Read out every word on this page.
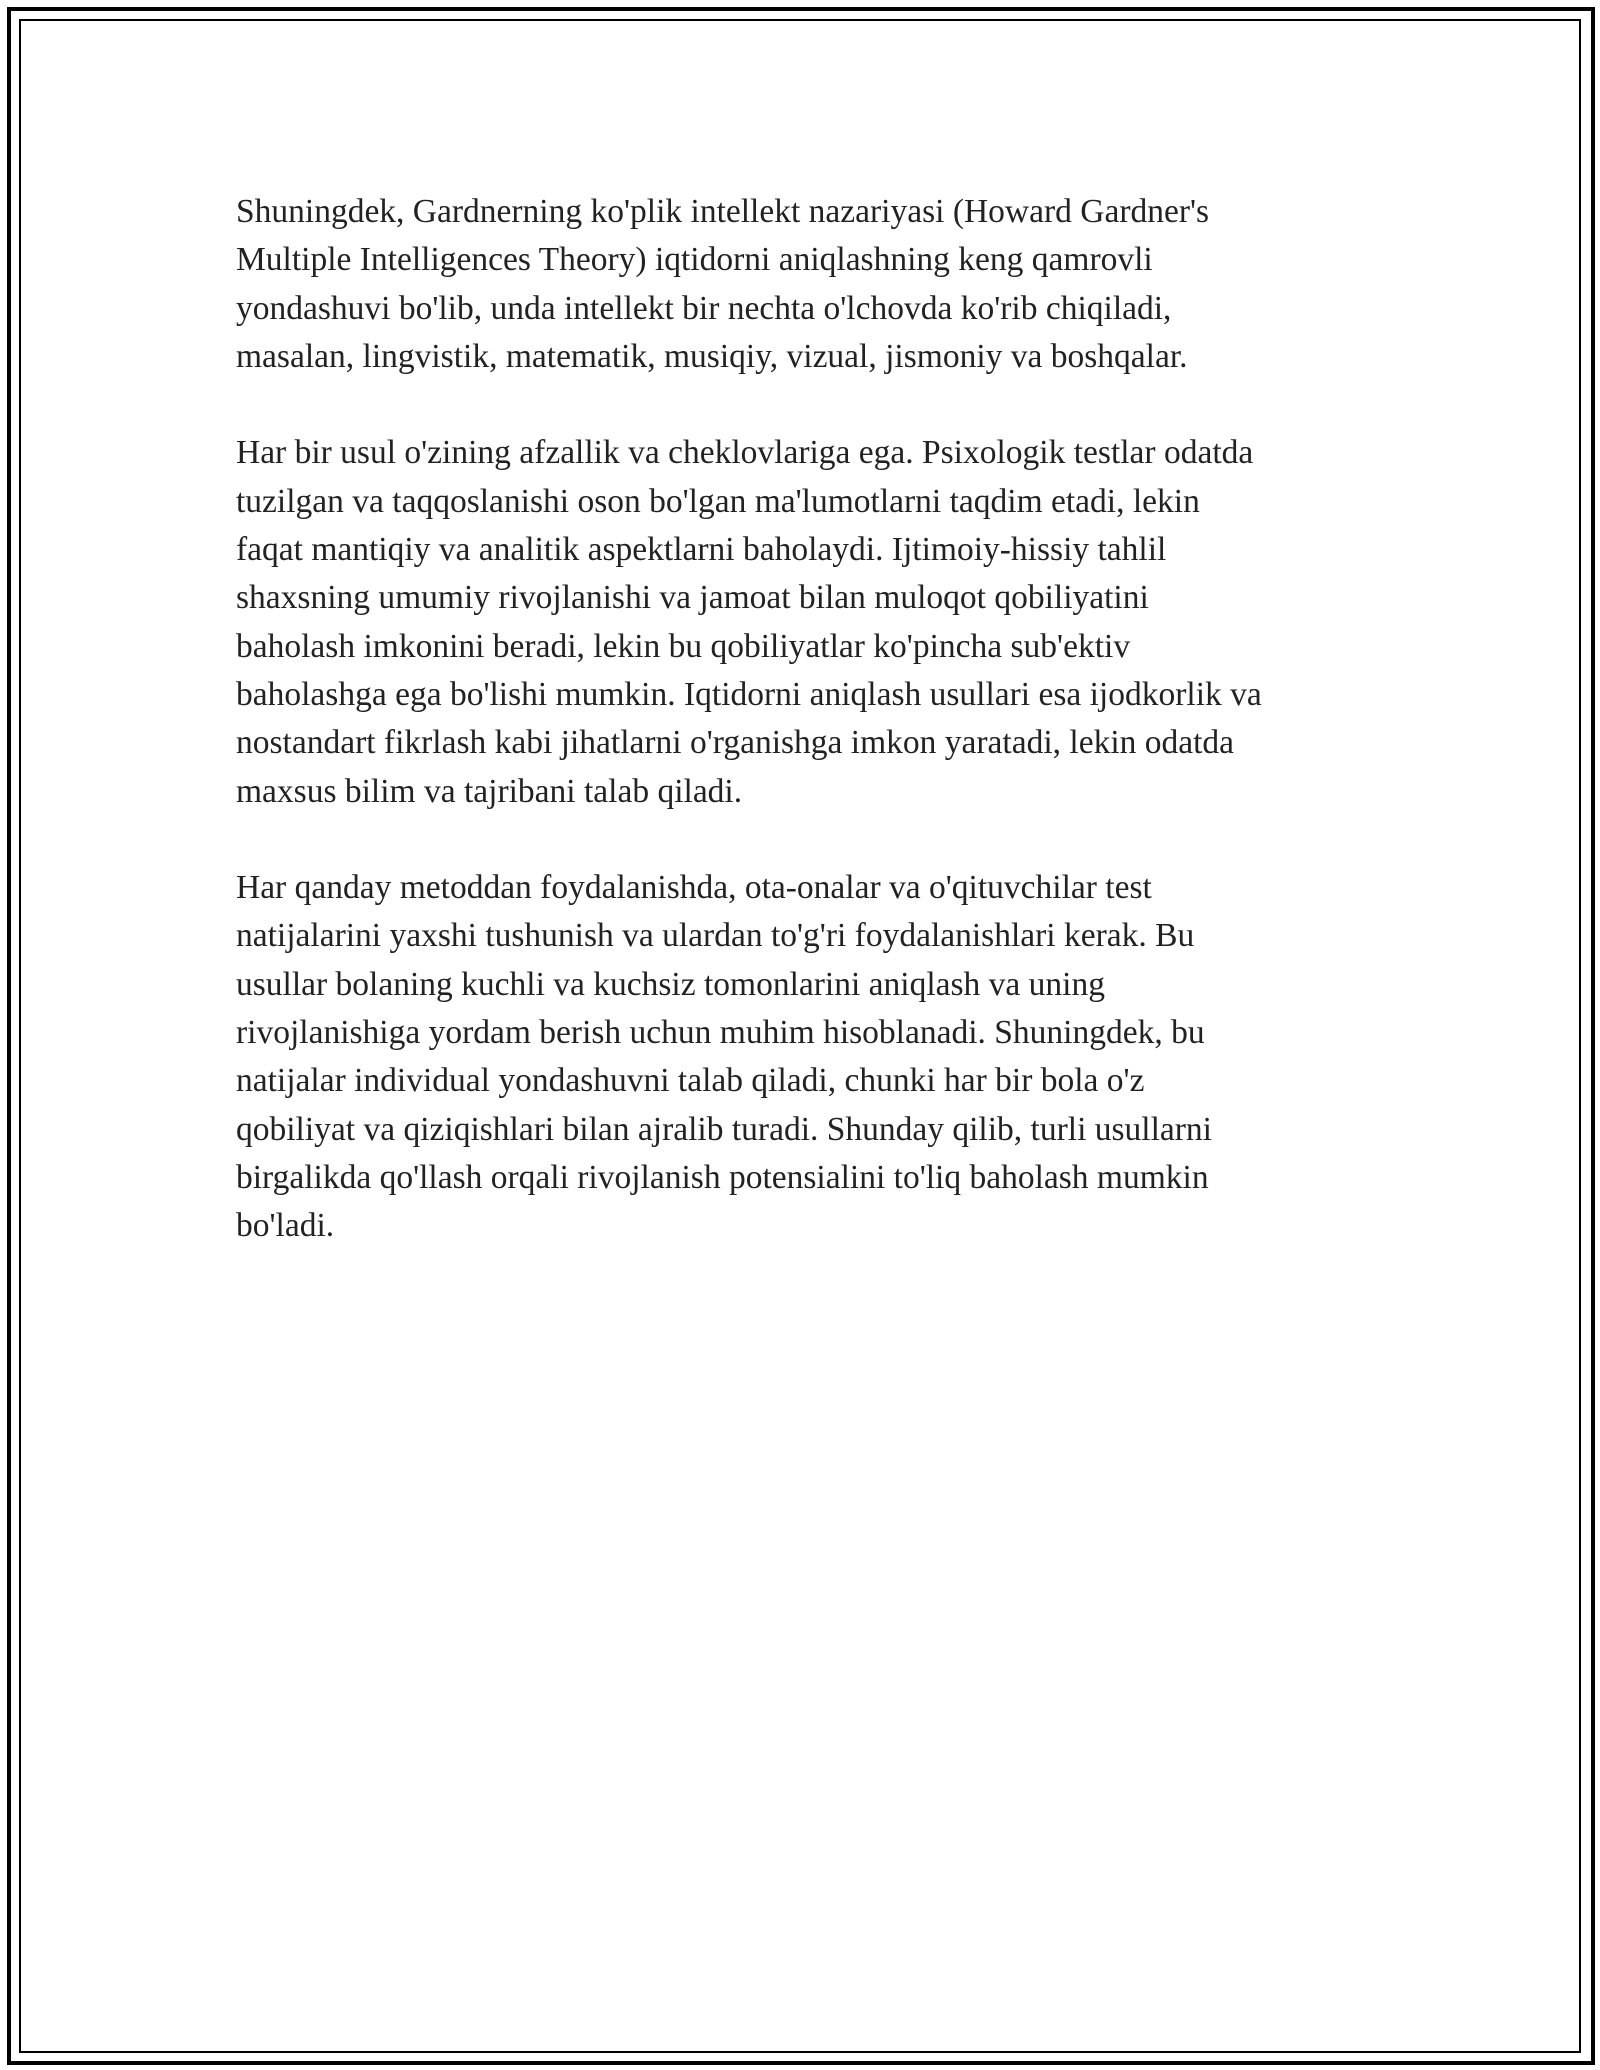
Shuningdek, Gardnerning ko'plik intellekt nazariyasi (Howard Gardner's
Multiple Intelligences Theory) iqtidorni aniqlashning keng qamrovli
yondashuvi bo'lib, unda intellekt bir nechta o'lchovda ko'rib chiqiladi,
masalan, lingvistik, matematik, musiqiy, vizual, jismoniy va boshqalar.

Har bir usul o'zining afzallik va cheklovlariga ega. Psixologik testlar odatda
tuzilgan va taqqoslanishi oson bo'lgan ma'lumotlarni taqdim etadi, lekin
faqat mantiqiy va analitik aspektlarni baholaydi. Ijtimoiy-hissiy tahlil
shaxsning umumiy rivojlanishi va jamoat bilan muloqot qobiliyatini
baholash imkonini beradi, lekin bu qobiliyatlar ko'pincha sub'ektiv
baholashga ega bo'lishi mumkin. Iqtidorni aniqlash usullari esa ijodkorlik va
nostandart fikrlash kabi jihatlarni o'rganishga imkon yaratadi, lekin odatda
maxsus bilim va tajribani talab qiladi.

Har qanday metoddan foydalanishda, ota-onalar va o'qituvchilar test
natijalarini yaxshi tushunish va ulardan to'g'ri foydalanishlari kerak. Bu
usullar bolaning kuchli va kuchsiz tomonlarini aniqlash va uning
rivojlanishiga yordam berish uchun muhim hisoblanadi. Shuningdek, bu
natijalar individual yondashuvni talab qiladi, chunki har bir bola o'z
qobiliyat va qiziqishlari bilan ajralib turadi. Shunday qilib, turli usullarni
birgalikda qo'llash orqali rivojlanish potensialini to'liq baholash mumkin
bo'ladi.
